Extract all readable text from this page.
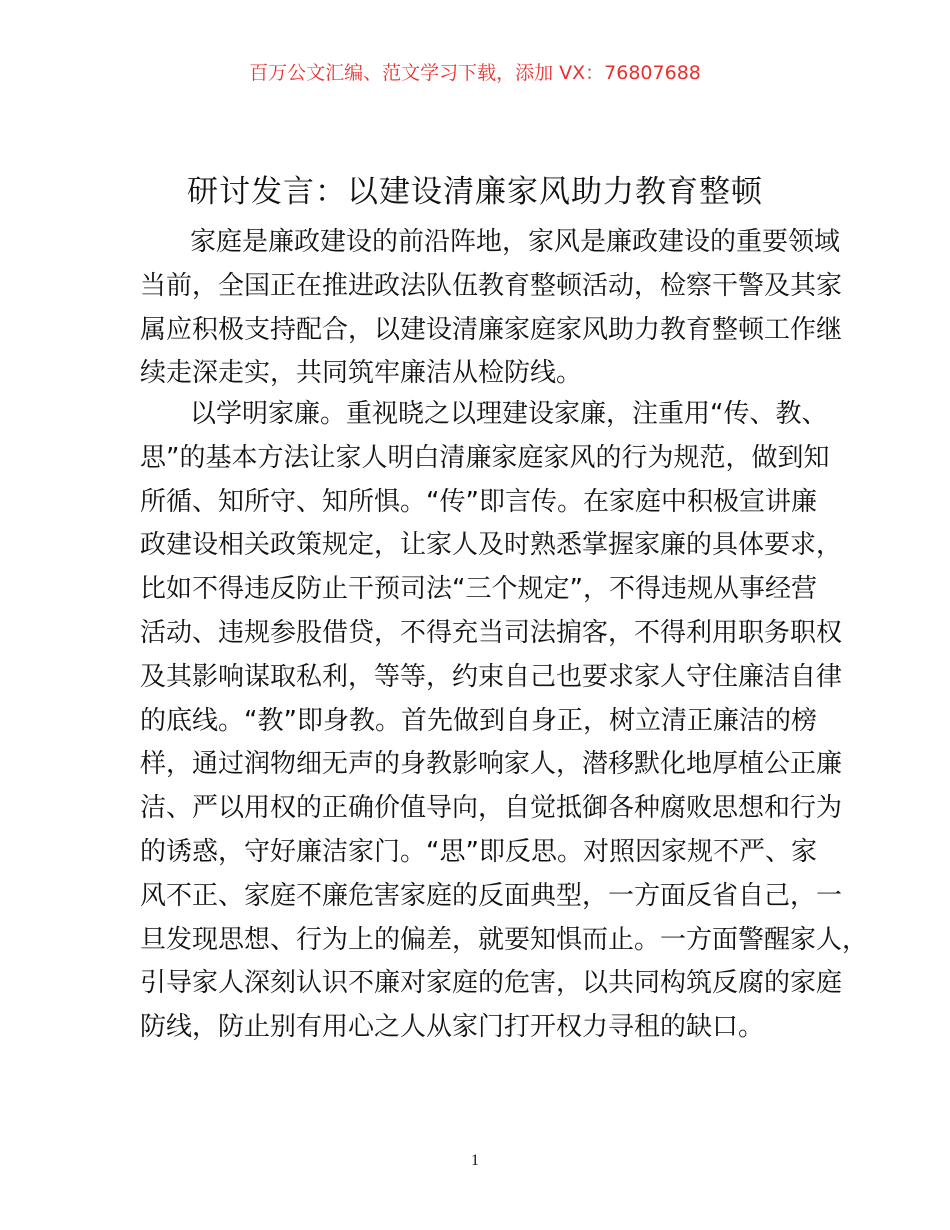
百万公文汇编、范文学习下载，添加 VX：76807688
研讨发言：以建设清廉家风助力教育整顿
家庭是廉政建设的前沿阵地，家风是廉政建设的重要领域
当前，全国正在推进政法队伍教育整顿活动，检察干警及其家
属应积极支持配合，以建设清廉家庭家风助力教育整顿工作继
续走深走实，共同筑牢廉洁从检防线。
以学明家廉。重视晓之以理建设家廉，注重用“传、教、
思”的基本方法让家人明白清廉家庭家风的行为规范，做到知
所循、知所守、知所惧。“传”即言传。在家庭中积极宣讲廉
政建设相关政策规定，让家人及时熟悉掌握家廉的具体要求，
比如不得违反防止干预司法“三个规定”，不得违规从事经营
活动、违规参股借贷，不得充当司法掮客，不得利用职务职权
及其影响谋取私利，等等，约束自己也要求家人守住廉洁自律
的底线。“教”即身教。首先做到自身正，树立清正廉洁的榜
样，通过润物细无声的身教影响家人，潜移默化地厚植公正廉
洁、严以用权的正确价值导向，自觉抵御各种腐败思想和行为
的诱惑，守好廉洁家门。“思”即反思。对照因家规不严、家
风不正、家庭不廉危害家庭的反面典型，一方面反省自己，一
旦发现思想、行为上的偏差，就要知惧而止。一方面警醒家人，
引导家人深刻认识不廉对家庭的危害，以共同构筑反腐的家庭
防线，防止别有用心之人从家门打开权力寻租的缺口。
1
